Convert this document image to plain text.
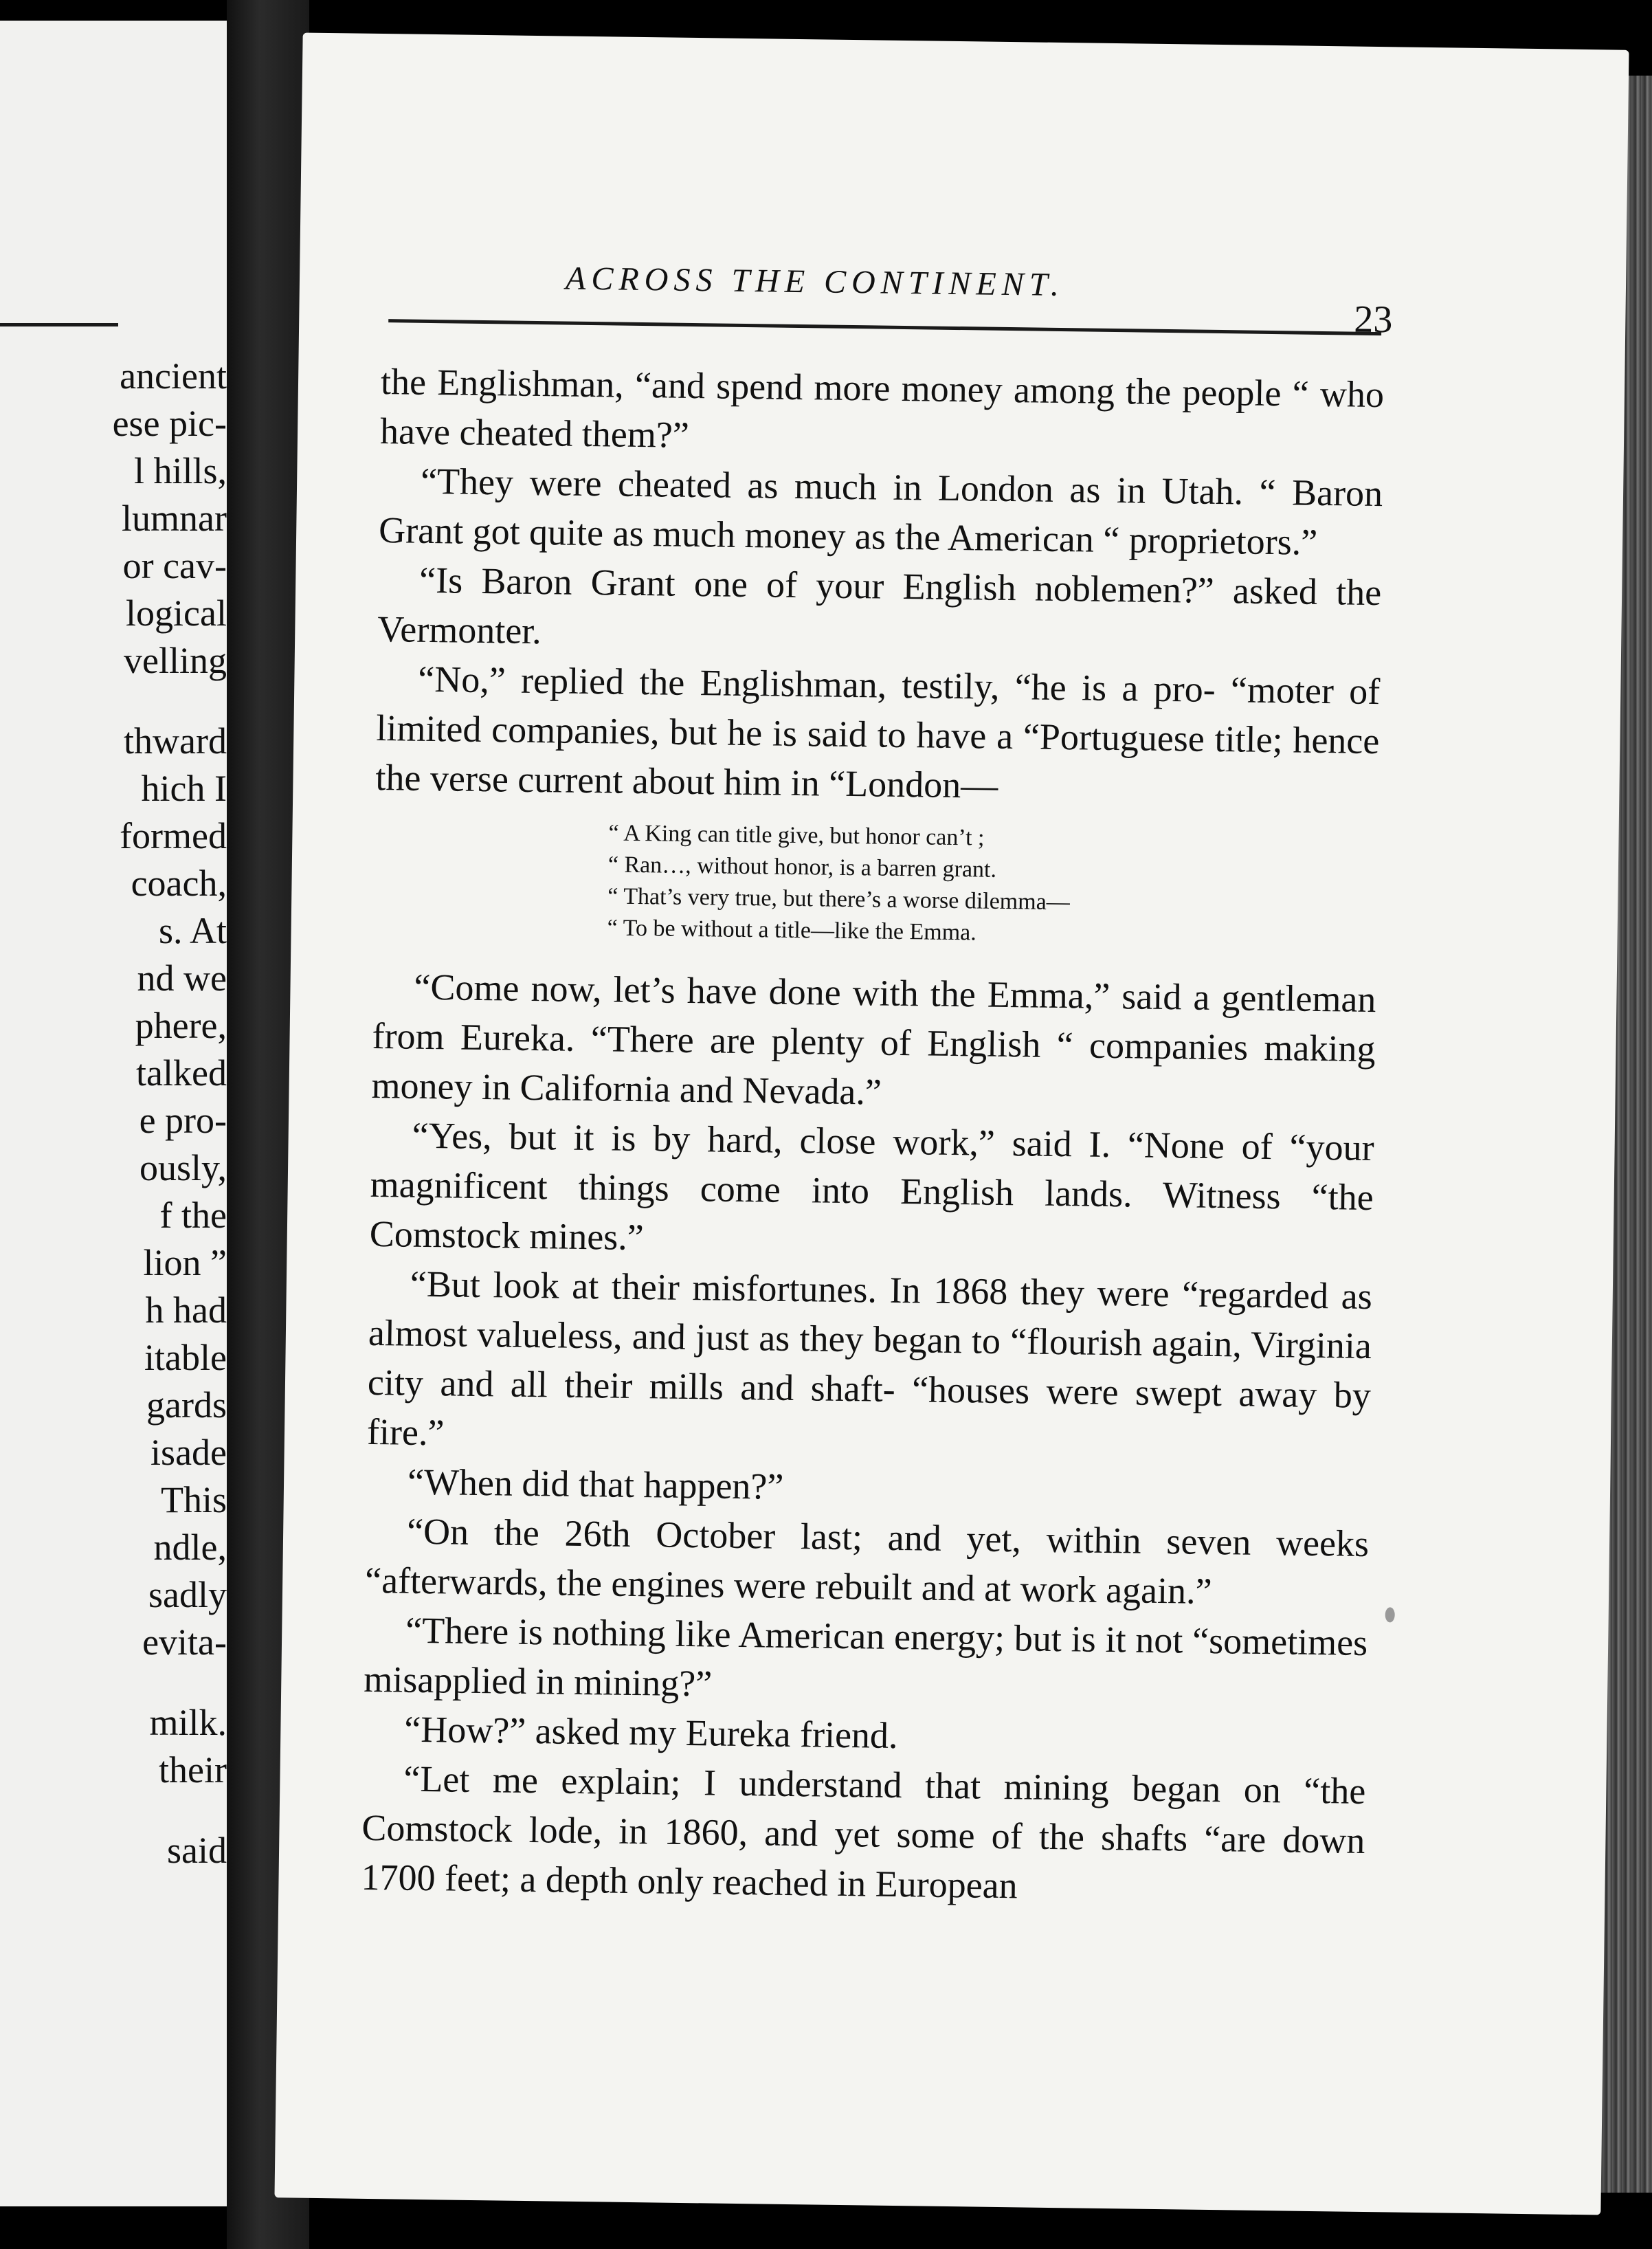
ancient
ese pic-
l hills,
lumnar
or cav-
logical
velling
thward
hich I
formed
coach,
s. At
nd we
phere,
talked
e pro-
ously,
f the
lion ”
h had
itable
gards
isade
This
ndle,
sadly
evita-
milk.
their
said
ACROSS THE CONTINENT.
23

the Englishman, “and spend more money among the people “ who have cheated them?”

“They were cheated as much in London as in Utah. “ Baron Grant got quite as much money as the American “ proprietors.”

“Is Baron Grant one of your English noblemen?” asked the Vermonter.

“No,” replied the Englishman, testily, “he is a pro- “moter of limited companies, but he is said to have a “Portuguese title; hence the verse current about him in “London—

“ A King can title give, but honor can’t ;
“ Ran…, without honor, is a barren grant.
“ That’s very true, but there’s a worse dilemma—
“ To be without a title—like the Emma.

“Come now, let’s have done with the Emma,” said a gentleman from Eureka. “There are plenty of English “ companies making money in California and Nevada.”

“Yes, but it is by hard, close work,” said I. “None of “your magnificent things come into English lands. Witness “the Comstock mines.”

“But look at their misfortunes. In 1868 they were “regarded as almost valueless, and just as they began to “flourish again, Virginia city and all their mills and shaft- “houses were swept away by fire.”

“When did that happen?”

“On the 26th October last; and yet, within seven weeks “afterwards, the engines were rebuilt and at work again.”

“There is nothing like American energy; but is it not “sometimes misapplied in mining?”

“How?” asked my Eureka friend.

“Let me explain; I understand that mining began on “the Comstock lode, in 1860, and yet some of the shafts “are down 1700 feet; a depth only reached in European
